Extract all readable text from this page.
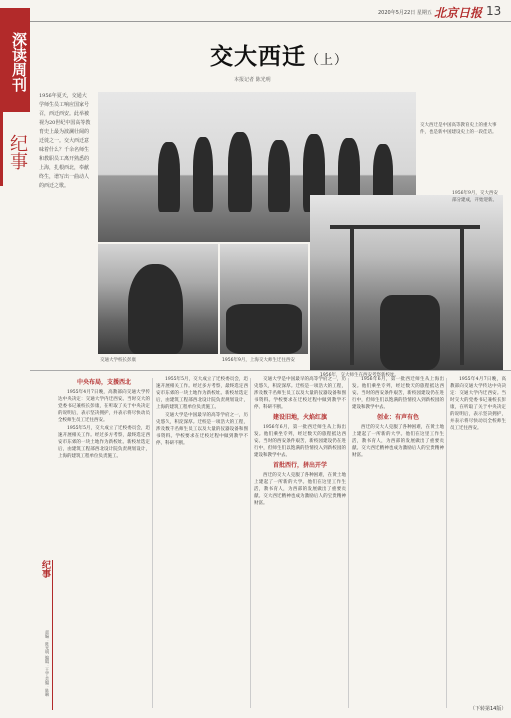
深读周刊
纪事
2020年5月22日 星期五 北京日报 13
交大西迁（上）
本报记者 陈光明

1956年夏天，交通大学师生员工响应国家号召，西迁西安。此举被视为20世纪中国高等教育史上最为波澜壮阔的迁徙之一。交大西迁意味着什么？千余名师生和教职员工离开熟悉的上海，扎根西北，奉献终生，谱写出一曲动人的西迁之歌。

交大西迁是中国高等教育史上的重大事件，也是新中国建设史上的一段佳话。

1956年9月，交大西安部分建成，开始迎新。
交通大学校长彭康	1956年9月，上海交大师生迁往西安
1956年，交大师生在西安考察新校址。
纪事
责编：陈光明 编辑：王宇 美编：陈琳
中央布局，支援西北

1955年4月7日晚，高教部向交通大学传达中央决定：交通大学内迁西安。当时交大的党委书记兼校长彭康，在听取了关于中央决定的说明后，表示坚决拥护，并表示将尽快动员全校师生员工迁往西安。

1955年5月，交大成立了迁校委员会，迅速开展相关工作。经过多方考察，最终选定西安市东郊的一块土地作为新校址。新校址选定后，由建筑工程部西北设计院负责规划设计，上海的建筑工程单位负责施工。

1955年5月，交大成立了迁校委员会，迅速开展相关工作。经过多方考察，最终选定西安市东郊的一块土地作为新校址。新校址选定后，由建筑工程部西北设计院负责规划设计，上海的建筑工程单位负责施工。

交通大学是中国最早的高等学府之一，历史悠久，积淀深厚。迁校是一项浩大的工程，涉及数千名师生员工以及大量的仪器设备和图书资料。学校要求在迁校过程中做到教学不停、科研不断。

交通大学是中国最早的高等学府之一，历史悠久，积淀深厚。迁校是一项浩大的工程，涉及数千名师生员工以及大量的仪器设备和图书资料。学校要求在迁校过程中做到教学不停、科研不断。

建设旧地，火焰红旗

1956年6月，第一批西迁师生从上海出发。他们乘坐专列，经过数天的旅程抵达西安。当时的西安条件艰苦，新校园建设仍在进行中，但师生们以饱满的热情投入到新校园的建设和教学中去。

首批西行，拼出开学

西迁的交大人克服了各种困难，在黄土地上建起了一所新的大学。他们在这里工作生活，教书育人，为西部的发展做出了重要贡献。交大西迁精神也成为激励后人的宝贵精神财富。

1956年6月，第一批西迁师生从上海出发。他们乘坐专列，经过数天的旅程抵达西安。当时的西安条件艰苦，新校园建设仍在进行中，但师生们以饱满的热情投入到新校园的建设和教学中去。

创业：有声有色

西迁的交大人克服了各种困难，在黄土地上建起了一所新的大学。他们在这里工作生活，教书育人，为西部的发展做出了重要贡献。交大西迁精神也成为激励后人的宝贵精神财富。

1955年4月7日晚，高教部向交通大学传达中央决定：交通大学内迁西安。当时交大的党委书记兼校长彭康，在听取了关于中央决定的说明后，表示坚决拥护，并表示将尽快动员全校师生员工迁往西安。

（下转第14版）
